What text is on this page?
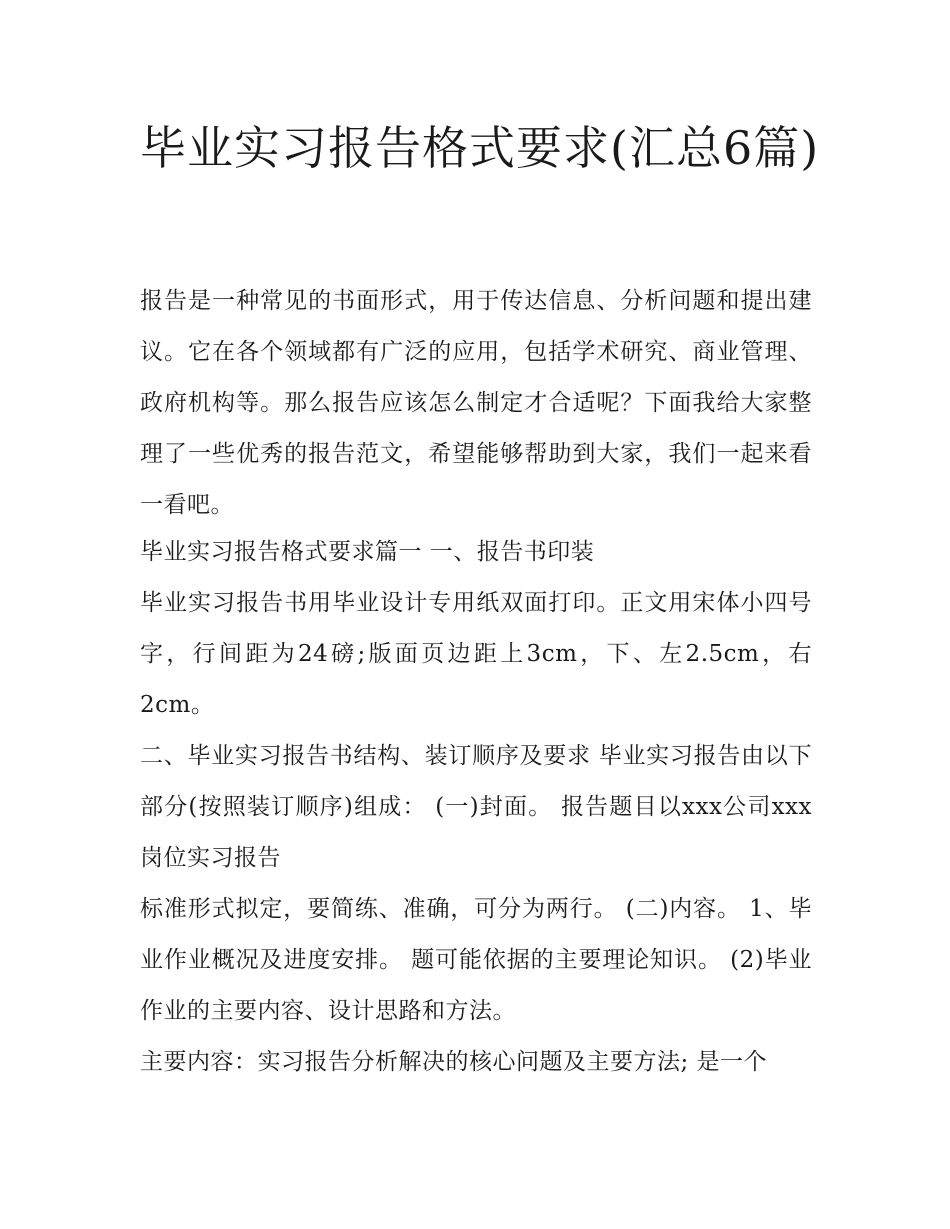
毕业实习报告格式要求(汇总6篇)

报告是一种常见的书面形式，用于传达信息、分析问题和提出建议。它在各个领域都有广泛的应用，包括学术研究、商业管理、政府机构等。那么报告应该怎么制定才合适呢？下面我给大家整理了一些优秀的报告范文，希望能够帮助到大家，我们一起来看一看吧。

毕业实习报告格式要求篇一 一、报告书印装

毕业实习报告书用毕业设计专用纸双面打印。正文用宋体小四号字，行间距为24磅;版面页边距上3cm，下、左2.5cm，右2cm。

二、毕业实习报告书结构、装订顺序及要求 毕业实习报告由以下部分(按照装订顺序)组成： (一)封面。 报告题目以xxx公司xxx岗位实习报告

标准形式拟定，要简练、准确，可分为两行。 (二)内容。 1、毕业作业概况及进度安排。 题可能依据的主要理论知识。 (2)毕业作业的主要内容、设计思路和方法。

主要内容：实习报告分析解决的核心问题及主要方法; 是一个
